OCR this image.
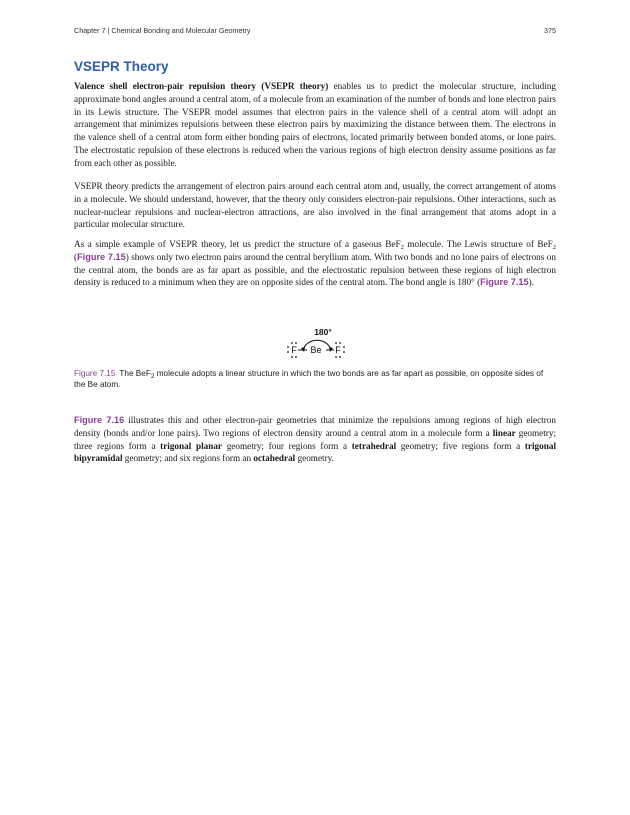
Chapter 7 | Chemical Bonding and Molecular Geometry	375
VSEPR Theory

Valence shell electron-pair repulsion theory (VSEPR theory) enables us to predict the molecular structure, including approximate bond angles around a central atom, of a molecule from an examination of the number of bonds and lone electron pairs in its Lewis structure. The VSEPR model assumes that electron pairs in the valence shell of a central atom will adopt an arrangement that minimizes repulsions between these electron pairs by maximizing the distance between them. The electrons in the valence shell of a central atom form either bonding pairs of electrons, located primarily between bonded atoms, or lone pairs. The electrostatic repulsion of these electrons is reduced when the various regions of high electron density assume positions as far from each other as possible.

VSEPR theory predicts the arrangement of electron pairs around each central atom and, usually, the correct arrangement of atoms in a molecule. We should understand, however, that the theory only considers electron-pair repulsions. Other interactions, such as nuclear-nuclear repulsions and nuclear-electron attractions, are also involved in the final arrangement that atoms adopt in a particular molecular structure.

As a simple example of VSEPR theory, let us predict the structure of a gaseous BeF$_2$ molecule. The Lewis structure of BeF$_2$ (Figure 7.15) shows only two electron pairs around the central beryllium atom. With two bonds and no lone pairs of electrons on the central atom, the bonds are as far apart as possible, and the electrostatic repulsion between these regions of high electron density is reduced to a minimum when they are on opposite sides of the central atom. The bond angle is 180° (Figure 7.15).

180°
F Be F
Figure 7.15 The BeF$_2$ molecule adopts a linear structure in which the two bonds are as far apart as possible, on opposite sides of the Be atom.

Figure 7.16 illustrates this and other electron-pair geometries that minimize the repulsions among regions of high electron density (bonds and/or lone pairs). Two regions of electron density around a central atom in a molecule form a linear geometry; three regions form a trigonal planar geometry; four regions form a tetrahedral geometry; five regions form a trigonal bipyramidal geometry; and six regions form an octahedral geometry.
